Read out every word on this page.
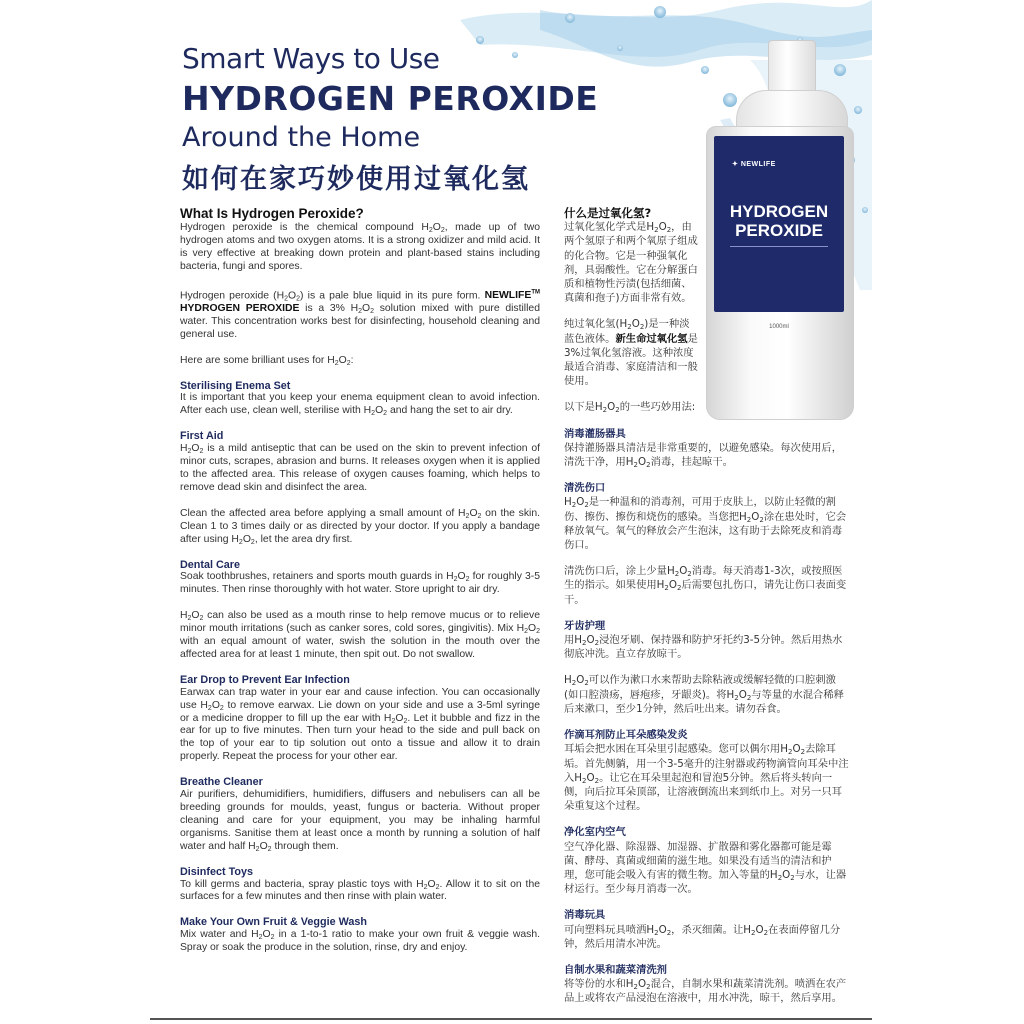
Smart Ways to Use
HYDROGEN PEROXIDE
Around the Home
如何在家巧妙使用过氧化氢	✦ NEWLIFE
HYDROGEN
PEROXIDE
1000ml
What Is Hydrogen Peroxide?

Hydrogen peroxide is the chemical compound $H_2O_2$, made up of two hydrogen atoms and two oxygen atoms. It is a strong oxidizer and mild acid. It is very effective at breaking down protein and plant-based stains including bacteria, fungi and spores.

Hydrogen peroxide $(H_2O_2)$ is a pale blue liquid in its pure form. NEWLIFE™ HYDROGEN PEROXIDE is a 3% $H_2O_2$ solution mixed with pure distilled water. This concentration works best for disinfecting, household cleaning and general use.

Here are some brilliant uses for $H_2O_2$:

Sterilising Enema Set

It is important that you keep your enema equipment clean to avoid infection. After each use, clean well, sterilise with $H_2O_2$ and hang the set to air dry.

First Aid

$H_2O_2$ is a mild antiseptic that can be used on the skin to prevent infection of minor cuts, scrapes, abrasion and burns. It releases oxygen when it is applied to the affected area. This release of oxygen causes foaming, which helps to remove dead skin and disinfect the area.

Clean the affected area before applying a small amount of $H_2O_2$ on the skin. Clean 1 to 3 times daily or as directed by your doctor. If you apply a bandage after using $H_2O_2$, let the area dry first.

Dental Care

Soak toothbrushes, retainers and sports mouth guards in $H_2O_2$ for roughly 3-5 minutes. Then rinse thoroughly with hot water. Store upright to air dry.

$H_2O_2$ can also be used as a mouth rinse to help remove mucus or to relieve minor mouth irritations (such as canker sores, cold sores, gingivitis). Mix $H_2O_2$ with an equal amount of water, swish the solution in the mouth over the affected area for at least 1 minute, then spit out. Do not swallow.

Ear Drop to Prevent Ear Infection

Earwax can trap water in your ear and cause infection. You can occasionally use $H_2O_2$ to remove earwax. Lie down on your side and use a 3-5ml syringe or a medicine dropper to fill up the ear with $H_2O_2$. Let it bubble and fizz in the ear for up to five minutes. Then turn your head to the side and pull back on the top of your ear to tip solution out onto a tissue and allow it to drain properly. Repeat the process for your other ear.

Breathe Cleaner

Air purifiers, dehumidifiers, humidifiers, diffusers and nebulisers can all be breeding grounds for moulds, yeast, fungus or bacteria. Without proper cleaning and care for your equipment, you may be inhaling harmful organisms. Sanitise them at least once a month by running a solution of half water and half $H_2O_2$ through them.

Disinfect Toys

To kill germs and bacteria, spray plastic toys with $H_2O_2$. Allow it to sit on the surfaces for a few minutes and then rinse with plain water.

Make Your Own Fruit & Veggie Wash

Mix water and $H_2O_2$ in a 1-to-1 ratio to make your own fruit & veggie wash. Spray or soak the produce in the solution, rinse, dry and enjoy.

什么是过氧化氢?

过氧化氢化学式是$H_2O_2$，由两个氢原子和两个氧原子组成的化合物。它是一种强氧化剂，具弱酸性。它在分解蛋白质和植物性污渍(包括细菌、真菌和孢子)方面非常有效。

纯过氧化氢$(H_2O_2)$是一种淡蓝色液体。新生命过氧化氢是3%过氧化氢溶液。这种浓度最适合消毒、家庭清洁和一般使用。

以下是$H_2O_2$的一些巧妙用法:

消毒灌肠器具

保持灌肠器具清洁是非常重要的，以避免感染。每次使用后，清洗干净，用$H_2O_2$消毒，挂起晾干。

清洗伤口

$H_2O_2$是一种温和的消毒剂，可用于皮肤上，以防止轻微的割伤、擦伤、擦伤和烧伤的感染。当您把$H_2O_2$涂在患处时，它会释放氧气。氧气的释放会产生泡沫，这有助于去除死皮和消毒伤口。

清洗伤口后，涂上少量$H_2O_2$消毒。每天消毒1-3次，或按照医生的指示。如果使用$H_2O_2$后需要包扎伤口，请先让伤口表面变干。

牙齿护理

用$H_2O_2$浸泡牙刷、保持器和防护牙托约3-5分钟。然后用热水彻底冲洗。直立存放晾干。

$H_2O_2$可以作为漱口水来帮助去除粘液或缓解轻微的口腔刺激(如口腔溃疡，唇疱疹，牙龈炎)。将$H_2O_2$与等量的水混合稀释后来漱口，至少1分钟，然后吐出来。请勿吞食。

作滴耳剂防止耳朵感染发炎

耳垢会把水困在耳朵里引起感染。您可以偶尔用$H_2O_2$去除耳垢。首先侧躺，用一个3-5毫升的注射器或药物滴管向耳朵中注入$H_2O_2$。让它在耳朵里起泡和冒泡5分钟。然后将头转向一侧，向后拉耳朵顶部，让溶液倒流出来到纸巾上。对另一只耳朵重复这个过程。

净化室内空气

空气净化器、除湿器、加湿器、扩散器和雾化器都可能是霉菌、酵母、真菌或细菌的滋生地。如果没有适当的清洁和护理，您可能会吸入有害的微生物。加入等量的$H_2O_2$与水，让器材运行。至少每月消毒一次。

消毒玩具

可向塑料玩具喷洒$H_2O_2$，杀灭细菌。让$H_2O_2$在表面停留几分钟，然后用清水冲洗。

自制水果和蔬菜清洗剂

将等份的水和$H_2O_2$混合，自制水果和蔬菜清洗剂。喷洒在农产品上或将农产品浸泡在溶液中，用水冲洗，晾干，然后享用。
